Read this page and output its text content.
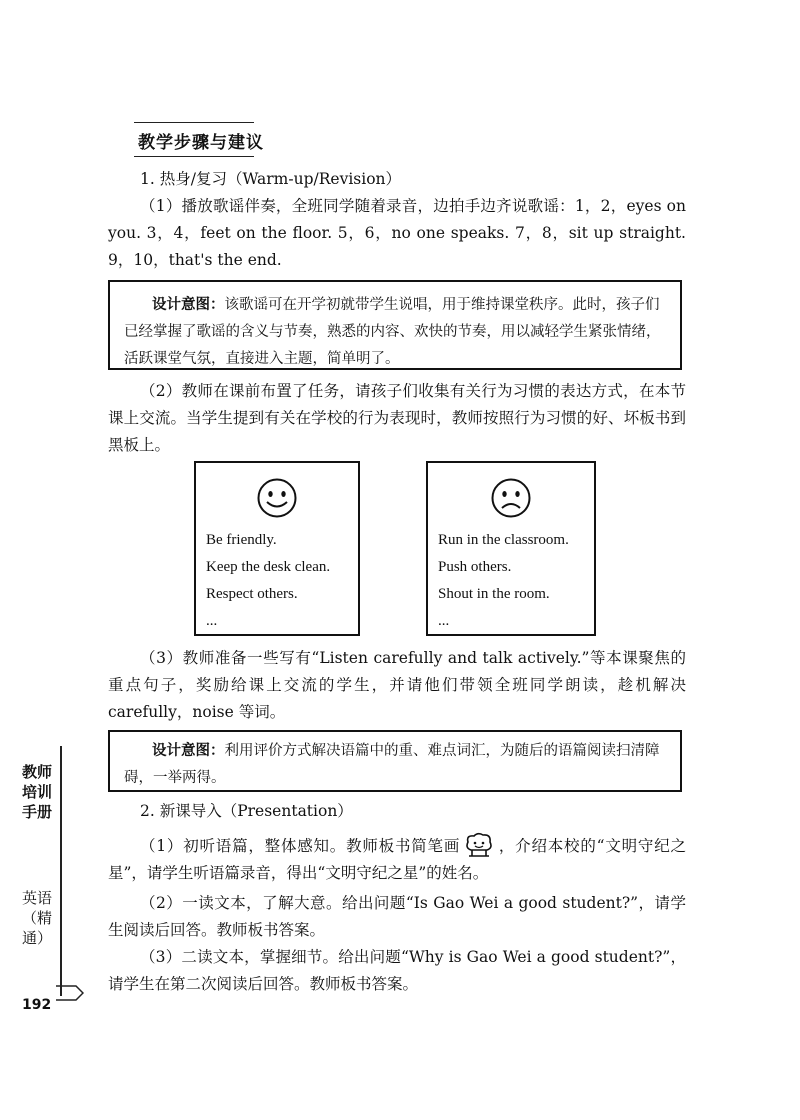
教学步骤与建议

1. 热身/复习（Warm-up/Revision）

（1）播放歌谣伴奏，全班同学随着录音，边拍手边齐说歌谣：1，2，eyes on you. 3，4，feet on the floor. 5，6，no one speaks. 7，8，sit up straight. 9，10，that's the end.

设计意图：该歌谣可在开学初就带学生说唱，用于维持课堂秩序。此时，孩子们已经掌握了歌谣的含义与节奏，熟悉的内容、欢快的节奏，用以减轻学生紧张情绪，活跃课堂气氛，直接进入主题，简单明了。

（2）教师在课前布置了任务，请孩子们收集有关行为习惯的表达方式，在本节课上交流。当学生提到有关在学校的行为表现时，教师按照行为习惯的好、坏板书到黑板上。

Be friendly.
Keep the desk clean.
Respect others.
...
Run in the classroom.
Push others.
Shout in the room.
...

（3）教师准备一些写有“Listen carefully and talk actively.”等本课聚焦的重点句子，奖励给课上交流的学生，并请他们带领全班同学朗读，趁机解决 carefully，noise 等词。

设计意图：利用评价方式解决语篇中的重、难点词汇，为随后的语篇阅读扫清障碍，一举两得。

2. 新课导入（Presentation）

（1）初听语篇，整体感知。教师板书简笔画 ，介绍本校的“文明守纪之星”，请学生听语篇录音，得出“文明守纪之星”的姓名。

（2）一读文本，了解大意。给出问题“Is Gao Wei a good student?”，请学生阅读后回答。教师板书答案。

（3）二读文本，掌握细节。给出问题“Why is Gao Wei a good student?”，请学生在第二次阅读后回答。教师板书答案。

教师培训手册
英语（精通）
192
